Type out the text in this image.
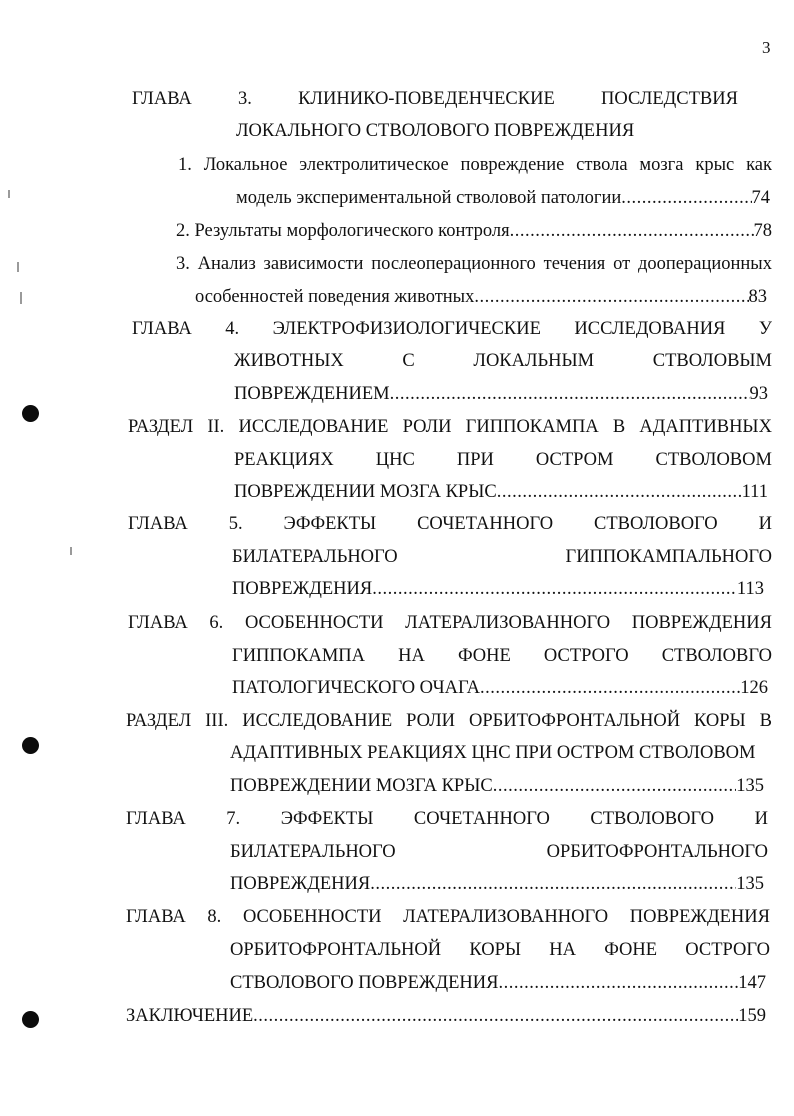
3
ГЛАВА 3. КЛИНИКО-ПОВЕДЕНЧЕСКИЕ ПОСЛЕДСТВИЯ
ЛОКАЛЬНОГО СТВОЛОВОГО ПОВРЕЖДЕНИЯ
1. Локальное электролитическое повреждение ствола мозга крыс как
модель экспериментальной стволовой патологии .....	74
2. Результаты морфологического контроля .....	78
3. Анализ зависимости послеоперационного течения от дооперационных
особенностей поведения животных .....	83
ГЛАВА 4. ЭЛЕКТРОФИЗИОЛОГИЧЕСКИЕ ИССЛЕДОВАНИЯ У
ЖИВОТНЫХ	С	ЛОКАЛЬНЫМ	СТВОЛОВЫМ
ПОВРЕЖДЕНИЕМ .....	93
РАЗДЕЛ II. ИССЛЕДОВАНИЕ РОЛИ ГИППОКАМПА В АДАПТИВНЫХ
РЕАКЦИЯХ ЦНС ПРИ ОСТРОМ СТВОЛОВОМ
ПОВРЕЖДЕНИИ МОЗГА КРЫС .....	111
ГЛАВА 5. ЭФФЕКТЫ СОЧЕТАННОГО СТВОЛОВОГО И
БИЛАТЕРАЛЬНОГО	ГИППОКАМПАЛЬНОГО
ПОВРЕЖДЕНИЯ .....	113
ГЛАВА 6. ОСОБЕННОСТИ ЛАТЕРАЛИЗОВАННОГО ПОВРЕЖДЕНИЯ
ГИППОКАМПА НА ФОНЕ ОСТРОГО СТВОЛОВГО
ПАТОЛОГИЧЕСКОГО ОЧАГА .....	126
РАЗДЕЛ III. ИССЛЕДОВАНИЕ РОЛИ ОРБИТОФРОНТАЛЬНОЙ КОРЫ В
АДАПТИВНЫХ РЕАКЦИЯХ ЦНС ПРИ ОСТРОМ СТВОЛОВОМ
ПОВРЕЖДЕНИИ МОЗГА КРЫС .....	135
ГЛАВА 7. ЭФФЕКТЫ СОЧЕТАННОГО СТВОЛОВОГО И
БИЛАТЕРАЛЬНОГО	ОРБИТОФРОНТАЛЬНОГО
ПОВРЕЖДЕНИЯ .....	135
ГЛАВА 8. ОСОБЕННОСТИ ЛАТЕРАЛИЗОВАННОГО ПОВРЕЖДЕНИЯ
ОРБИТОФРОНТАЛЬНОЙ КОРЫ НА ФОНЕ ОСТРОГО
СТВОЛОВОГО ПОВРЕЖДЕНИЯ .....	147
ЗАКЛЮЧЕНИЕ .....	159
